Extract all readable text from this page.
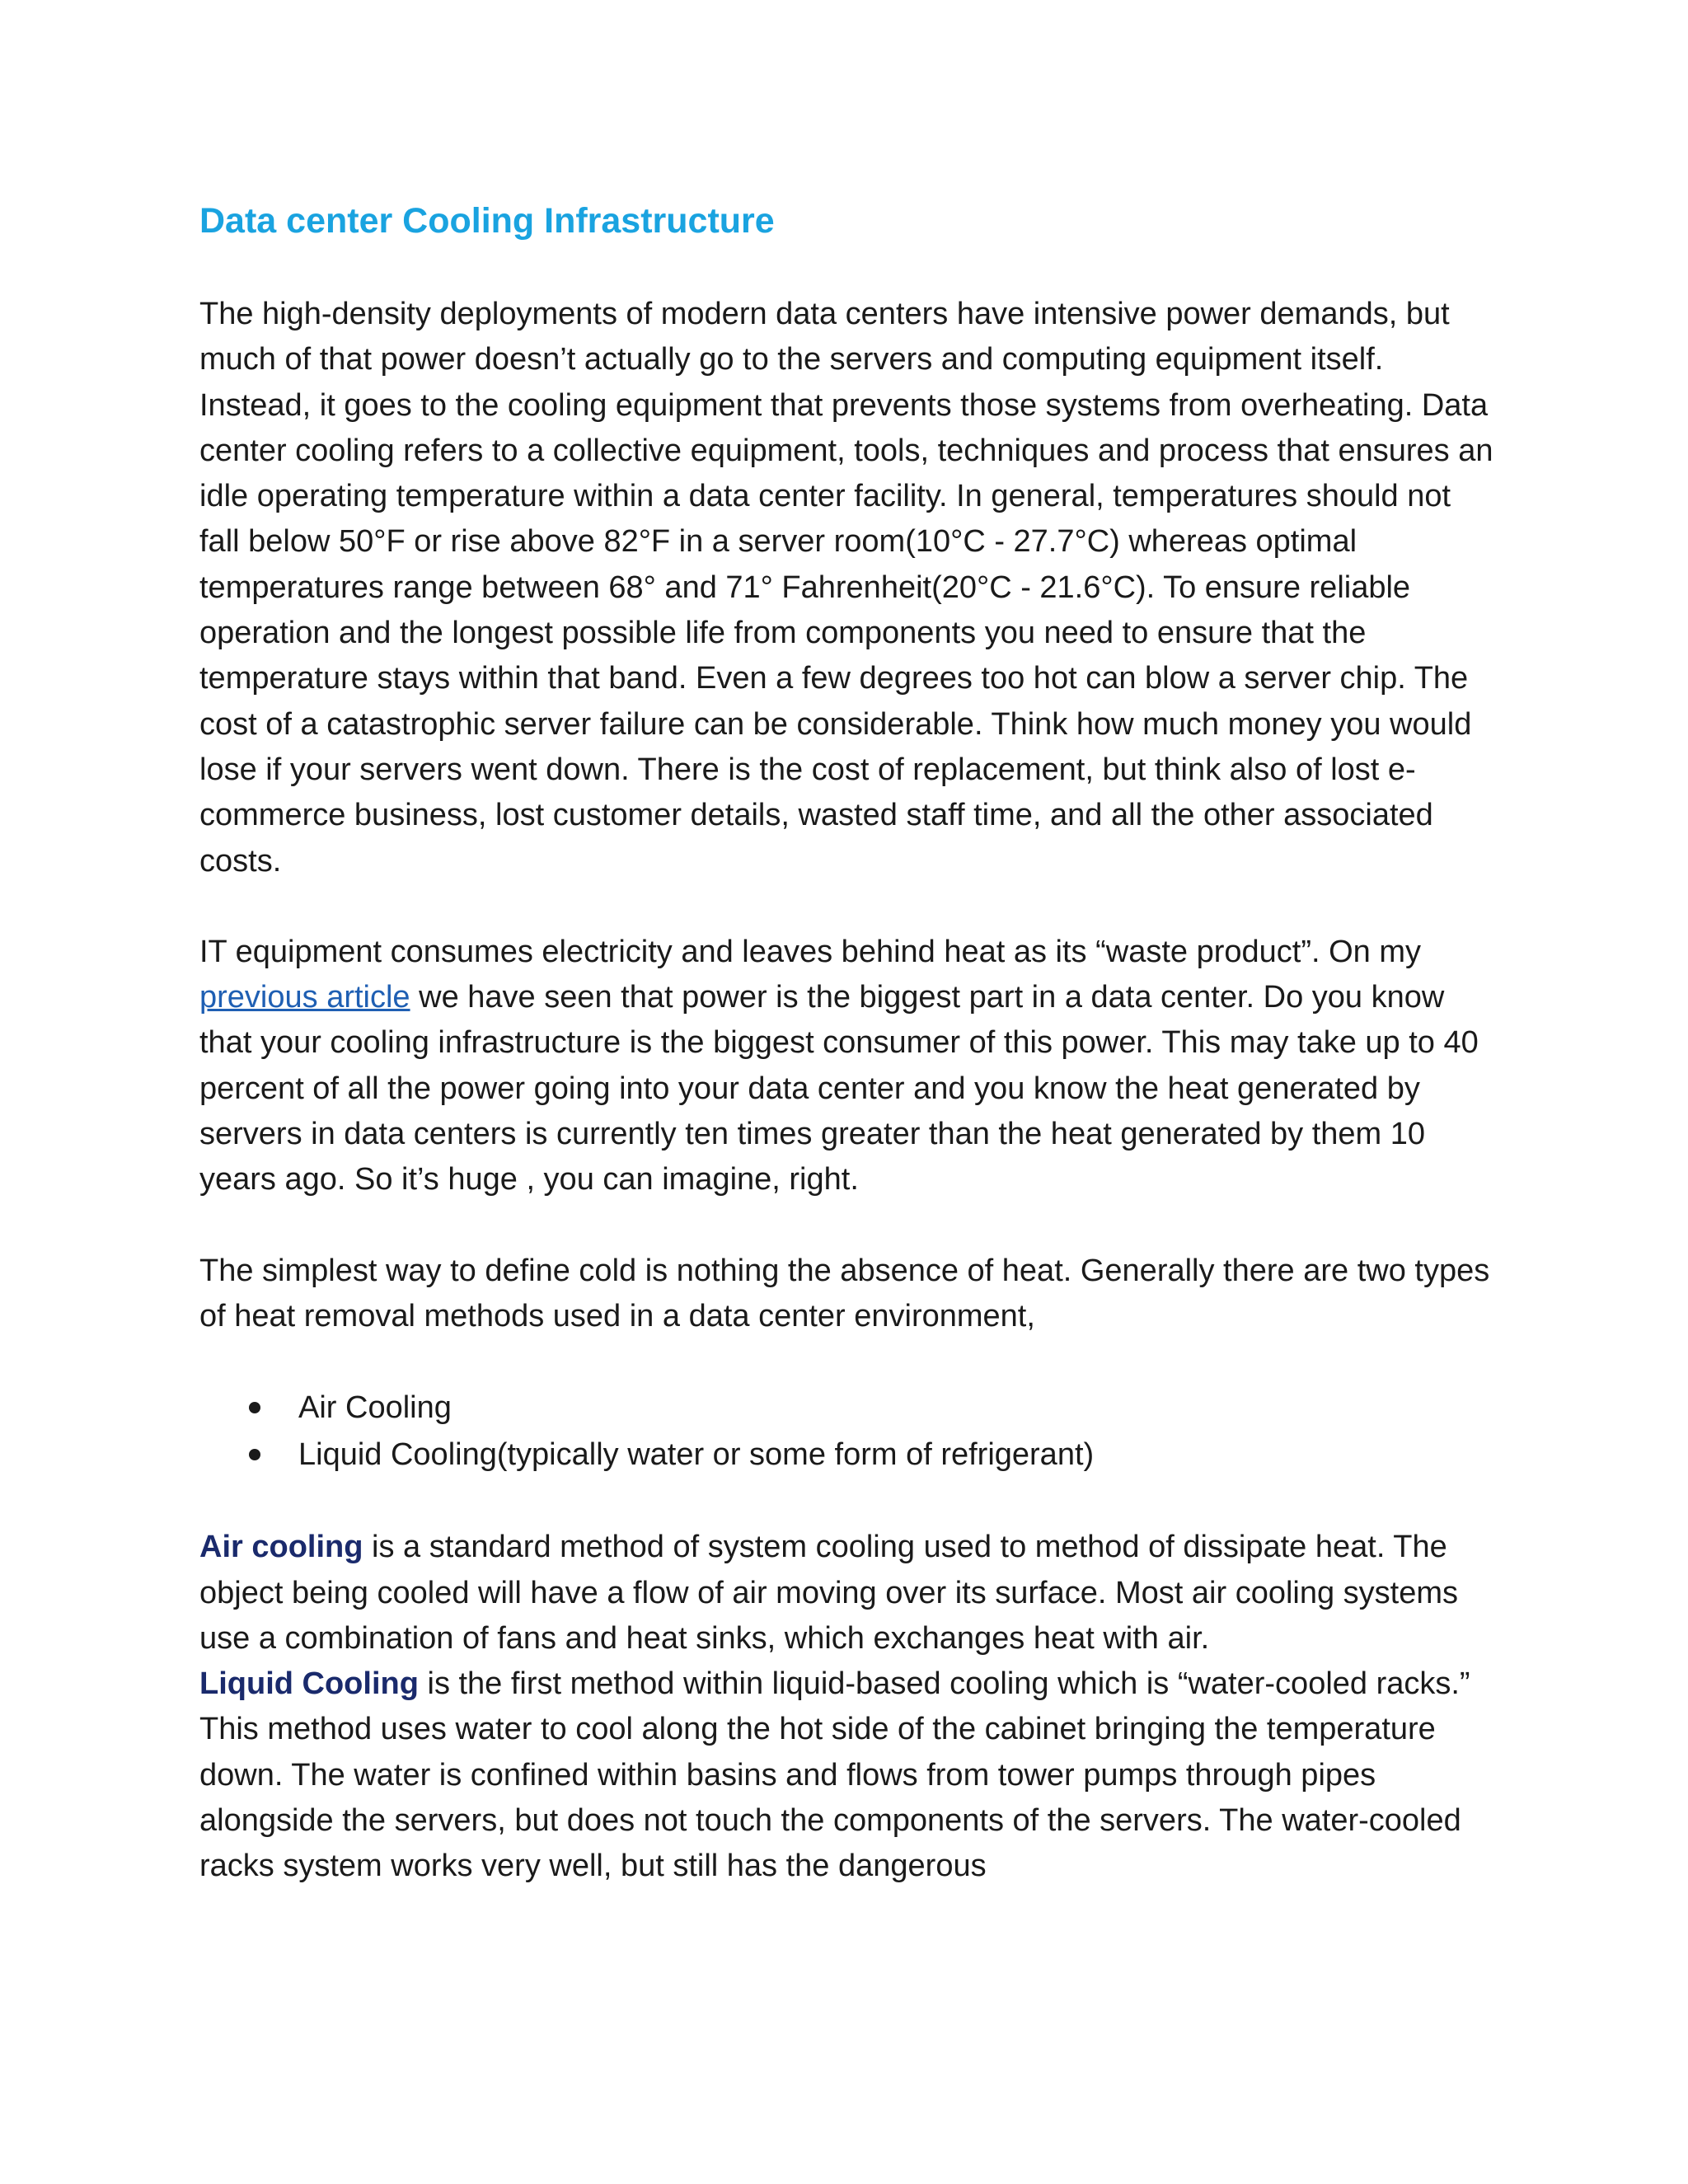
Data center Cooling Infrastructure

The high-density deployments of modern data centers have intensive power demands, but much of that power doesn’t actually go to the servers and computing equipment itself. Instead, it goes to the cooling equipment that prevents those systems from overheating. Data center cooling refers to a collective equipment, tools, techniques and process that ensures an idle operating temperature within a data center facility. In general, temperatures should not fall below 50°F or rise above 82°F in a server room(10°C - 27.7°C) whereas optimal temperatures range between 68° and 71° Fahrenheit(20°C - 21.6°C). To ensure reliable operation and the longest possible life from components you need to ensure that the temperature stays within that band. Even a few degrees too hot can blow a server chip. The cost of a catastrophic server failure can be considerable. Think how much money you would lose if your servers went down. There is the cost of replacement, but think also of lost e-commerce business, lost customer details, wasted staff time, and all the other associated costs.

IT equipment consumes electricity and leaves behind heat as its “waste product”. On my previous article we have seen that power is the biggest part in a data center. Do you know that your cooling infrastructure is the biggest consumer of this power. This may take up to 40 percent of all the power going into your data center and you know the heat generated by servers in data centers is currently ten times greater than the heat generated by them 10 years ago. So it’s huge , you can imagine, right.

The simplest way to define cold is nothing the absence of heat. Generally there are two types of heat removal methods used in a data center environment,

Air Cooling
Liquid Cooling(typically water or some form of refrigerant)

Air cooling is a standard method of system cooling used to method of dissipate heat. The object being cooled will have a flow of air moving over its surface. Most air cooling systems use a combination of fans and heat sinks, which exchanges heat with air.

Liquid Cooling is the first method within liquid-based cooling which is “water-cooled racks.” This method uses water to cool along the hot side of the cabinet bringing the temperature down. The water is confined within basins and flows from tower pumps through pipes alongside the servers, but does not touch the components of the servers. The water-cooled racks system works very well, but still has the dangerous
